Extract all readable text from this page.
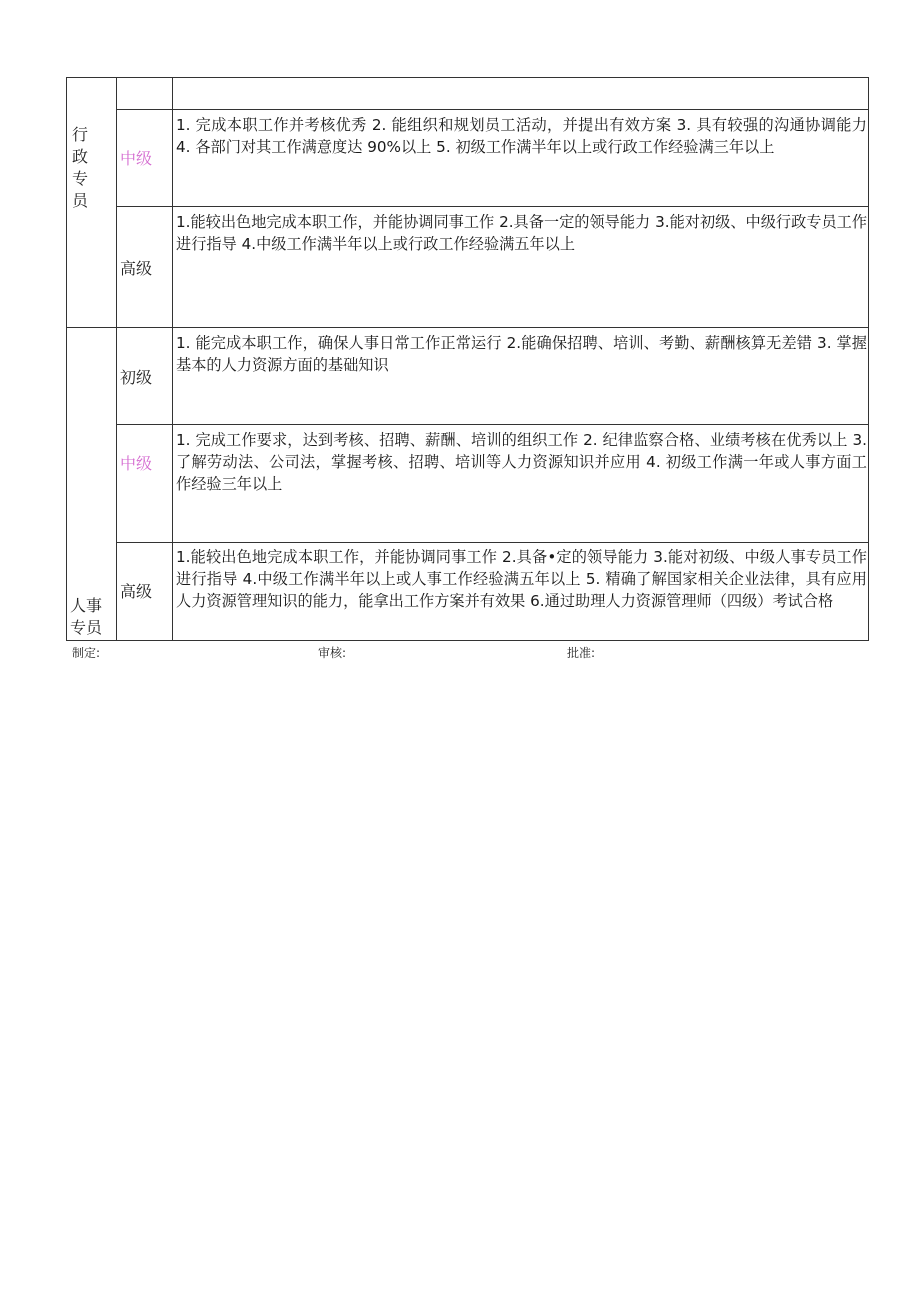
行政专员
人事专员
中级
高级
初级
中级
高级
1. 完成本职工作并考核优秀 2. 能组织和规划员工活动，并提出有效方案 3. 具有较强的沟通协调能力 4. 各部门对其工作满意度达 90%以上 5. 初级工作满半年以上或行政工作经验满三年以上
1.能较出色地完成本职工作，并能协调同事工作 2.具备一定的领导能力 3.能对初级、中级行政专员工作进行指导 4.中级工作满半年以上或行政工作经验满五年以上
1. 能完成本职工作，确保人事日常工作正常运行 2.能确保招聘、培训、考勤、薪酬核算无差错 3. 掌握基本的人力资源方面的基础知识
1. 完成工作要求，达到考核、招聘、薪酬、培训的组织工作 2. 纪律监察合格、业绩考核在优秀以上 3.了解劳动法、公司法，掌握考核、招聘、培训等人力资源知识并应用 4. 初级工作满一年或人事方面工作经验三年以上
1.能较出色地完成本职工作，并能协调同事工作 2.具备•定的领导能力 3.能对初级、中级人事专员工作进行指导 4.中级工作满半年以上或人事工作经验满五年以上 5. 精确了解国家相关企业法律，具有应用人力资源管理知识的能力，能拿出工作方案并有效果 6.通过助理人力资源管理师（四级）考试合格
制定:	审核:	批准:
